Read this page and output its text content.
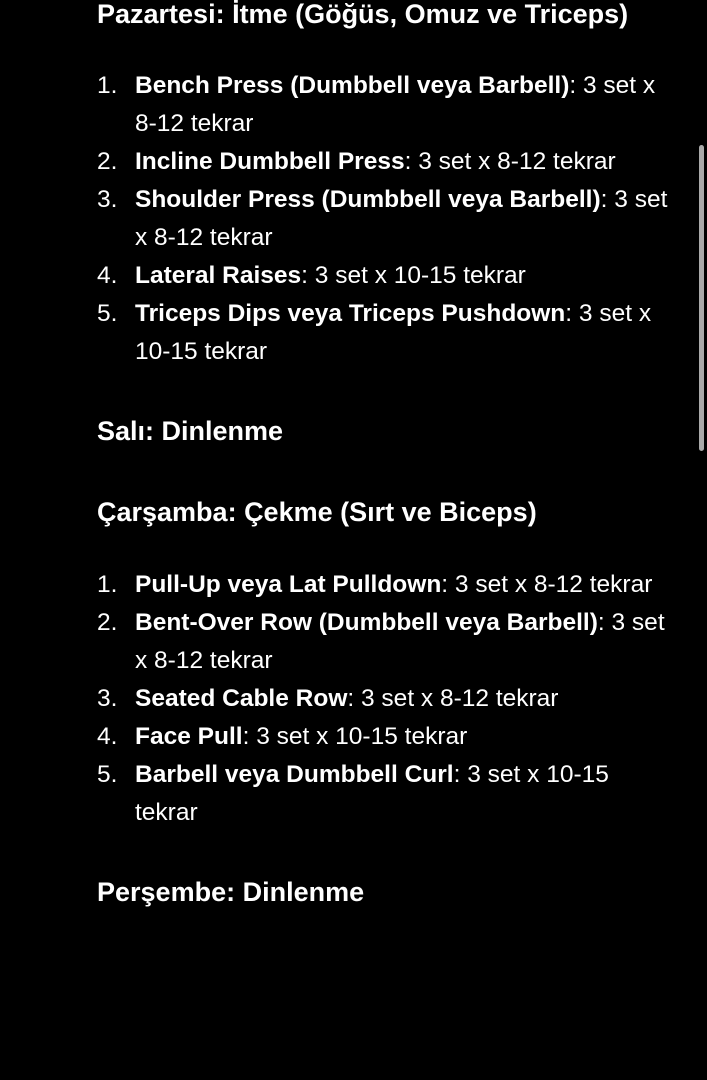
Pazartesi: İtme (Göğüs, Omuz ve Triceps)
1. Bench Press (Dumbbell veya Barbell): 3 set x 8-12 tekrar
2. Incline Dumbbell Press: 3 set x 8-12 tekrar
3. Shoulder Press (Dumbbell veya Barbell): 3 set x 8-12 tekrar
4. Lateral Raises: 3 set x 10-15 tekrar
5. Triceps Dips veya Triceps Pushdown: 3 set x 10-15 tekrar
Salı: Dinlenme
Çarşamba: Çekme (Sırt ve Biceps)
1. Pull-Up veya Lat Pulldown: 3 set x 8-12 tekrar
2. Bent-Over Row (Dumbbell veya Barbell): 3 set x 8-12 tekrar
3. Seated Cable Row: 3 set x 8-12 tekrar
4. Face Pull: 3 set x 10-15 tekrar
5. Barbell veya Dumbbell Curl: 3 set x 10-15 tekrar
Perşembe: Dinlenme
